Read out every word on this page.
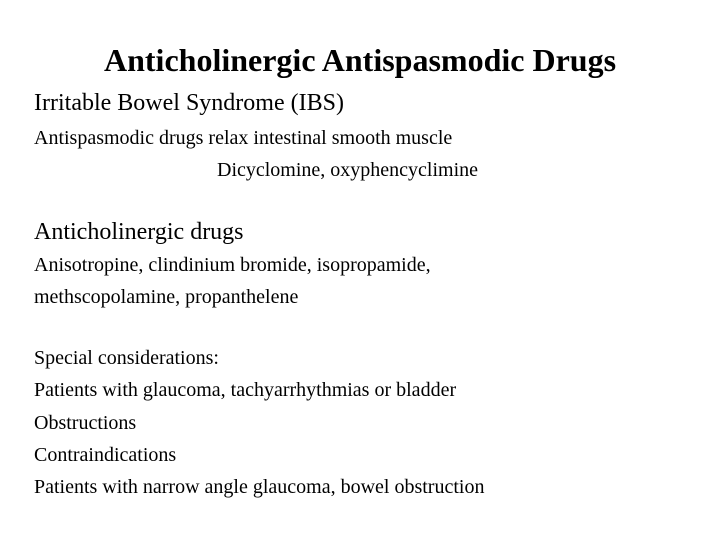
Anticholinergic Antispasmodic Drugs
Irritable Bowel Syndrome (IBS)
Antispasmodic drugs relax intestinal smooth muscle
Dicyclomine, oxyphencyclimine
Anticholinergic drugs
Anisotropine, clindinium bromide, isopropamide,
methscopolamine, propanthelene
Special considerations:
Patients with glaucoma, tachyarrhythmias or bladder
Obstructions
Contraindications
Patients with narrow angle glaucoma, bowel obstruction
